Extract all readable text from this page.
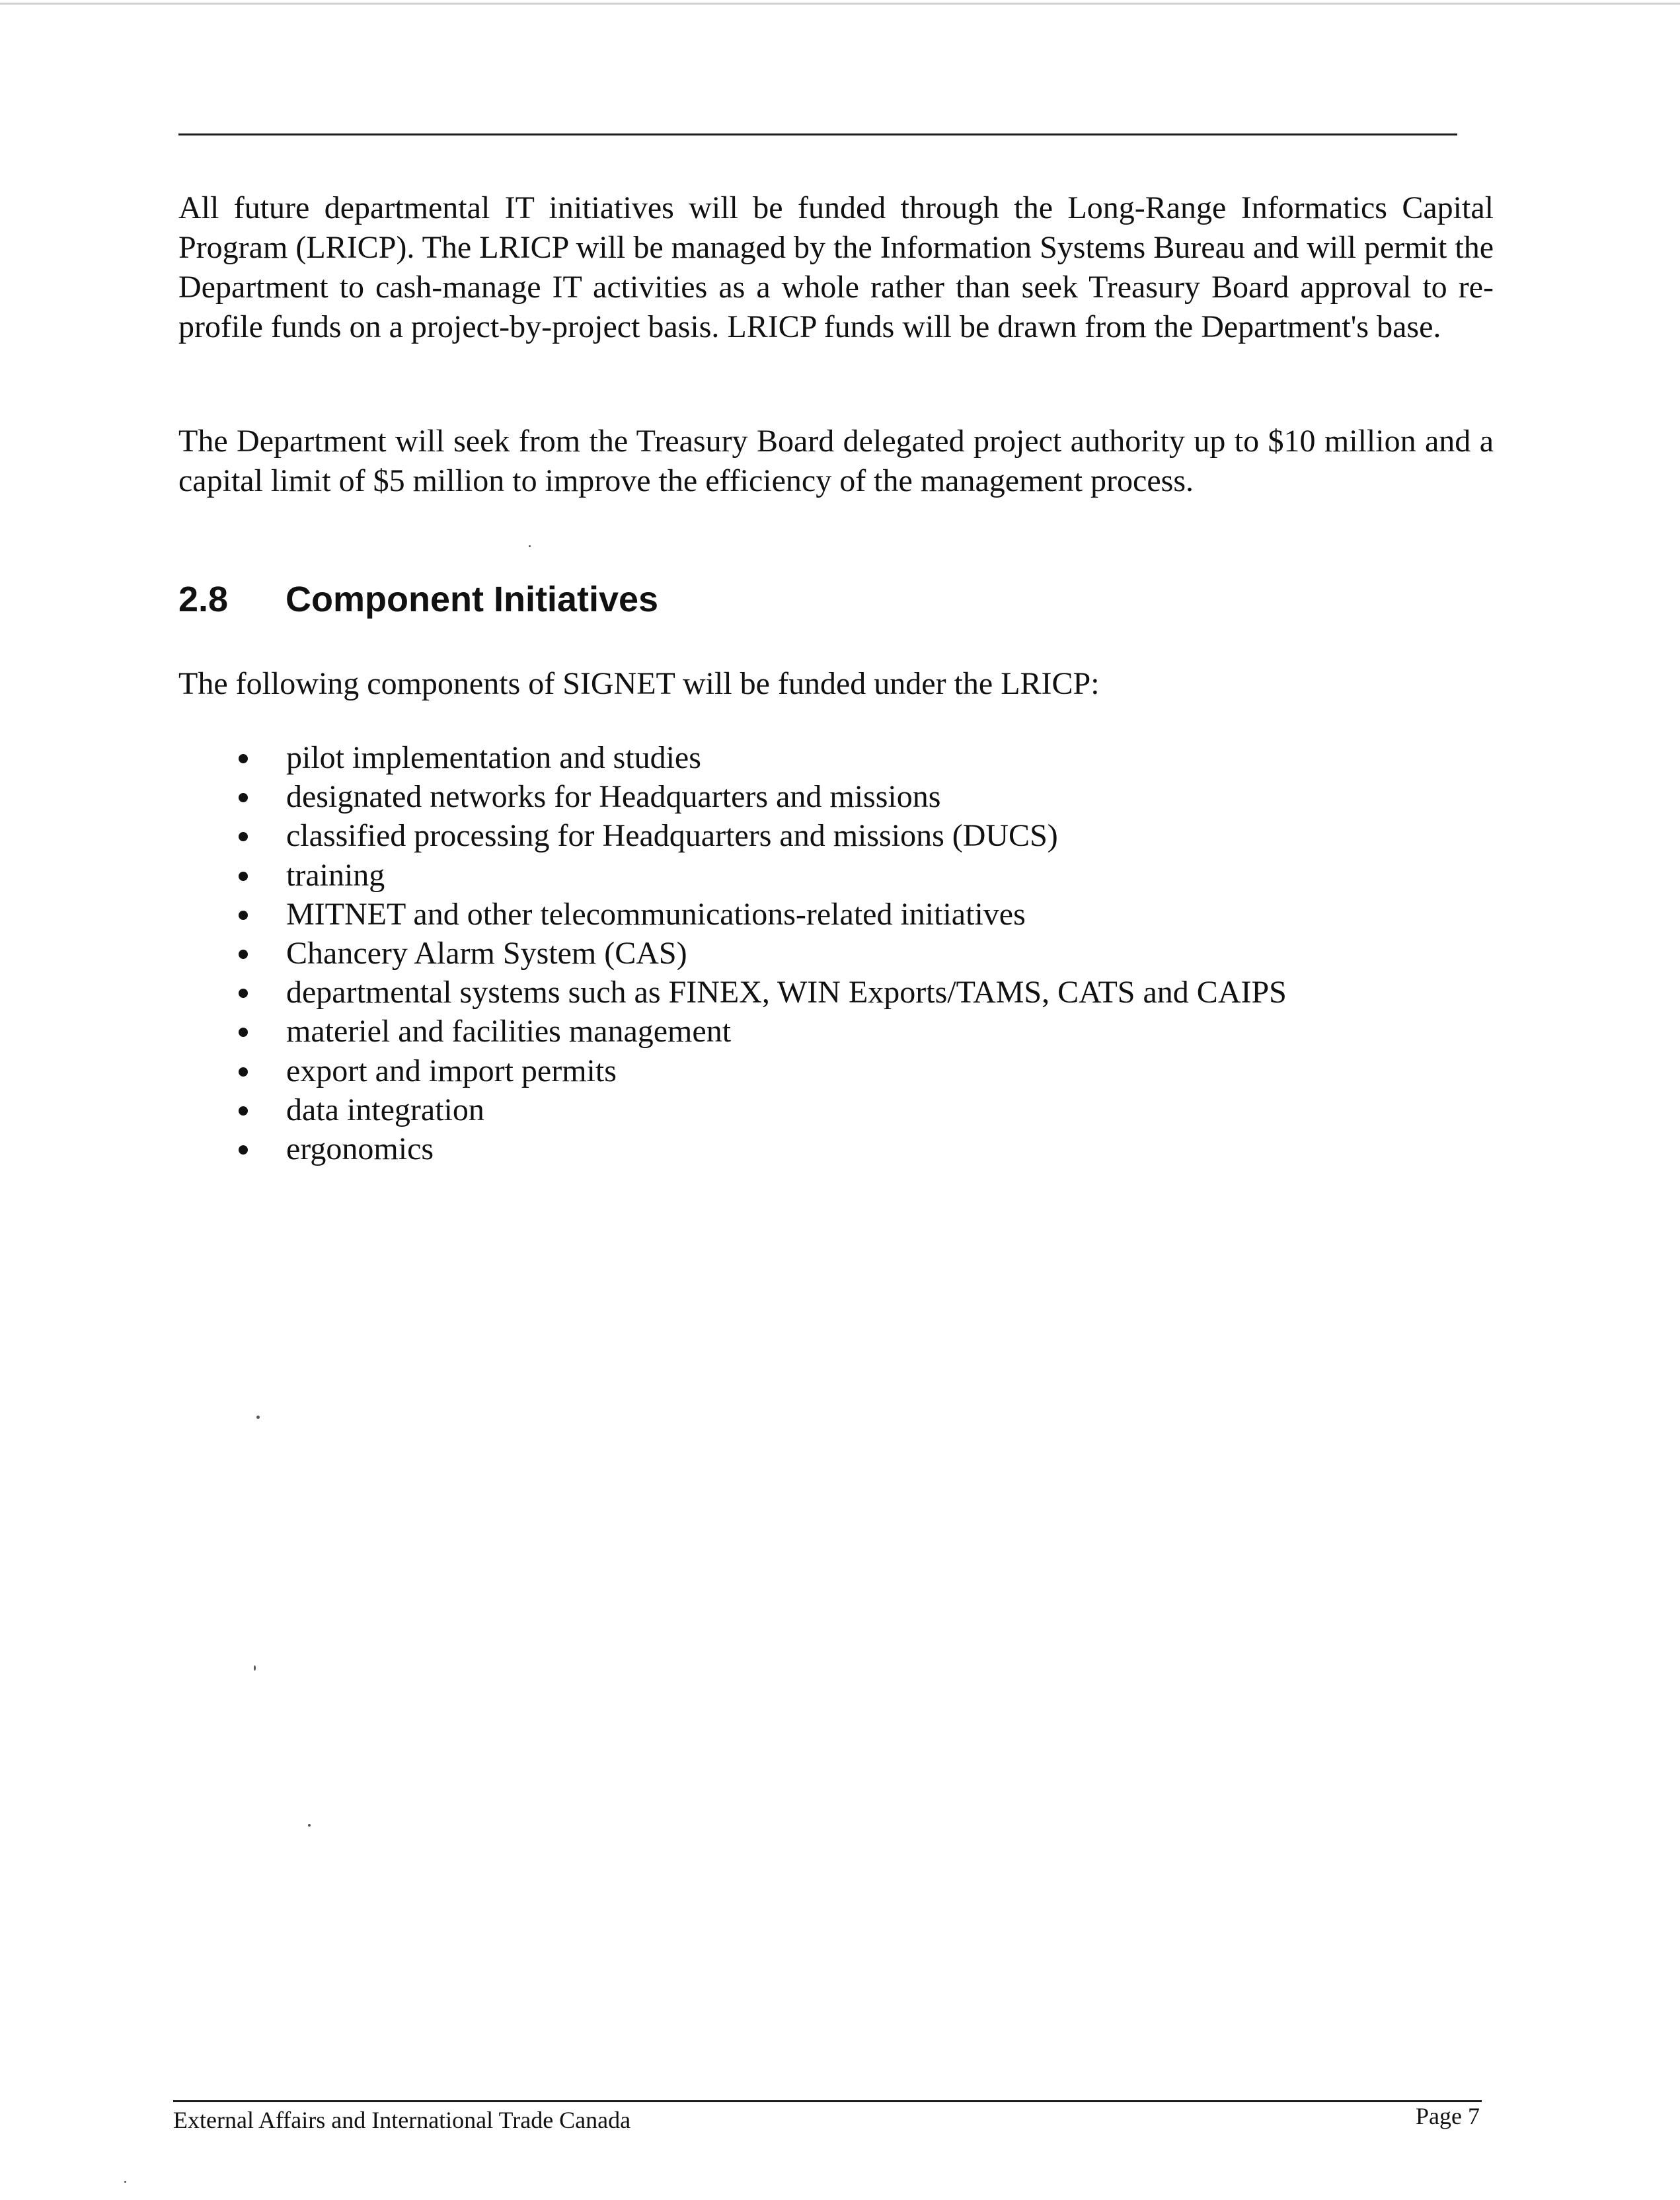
All future departmental IT initiatives will be funded through the Long-Range Informatics Capital Program (LRICP). The LRICP will be managed by the Information Systems Bureau and will permit the Department to cash-manage IT activities as a whole rather than seek Treasury Board approval to re-profile funds on a project-by-project basis. LRICP funds will be drawn from the Department's base.

The Department will seek from the Treasury Board delegated project authority up to $10 million and a capital limit of $5 million to improve the efficiency of the management process.

2.8 Component Initiatives

The following components of SIGNET will be funded under the LRICP:

pilot implementation and studies
designated networks for Headquarters and missions
classified processing for Headquarters and missions (DUCS)
training
MITNET and other telecommunications-related initiatives
Chancery Alarm System (CAS)
departmental systems such as FINEX, WIN Exports/TAMS, CATS and CAIPS
materiel and facilities management
export and import permits
data integration
ergonomics

External Affairs and International Trade Canada	Page 7
